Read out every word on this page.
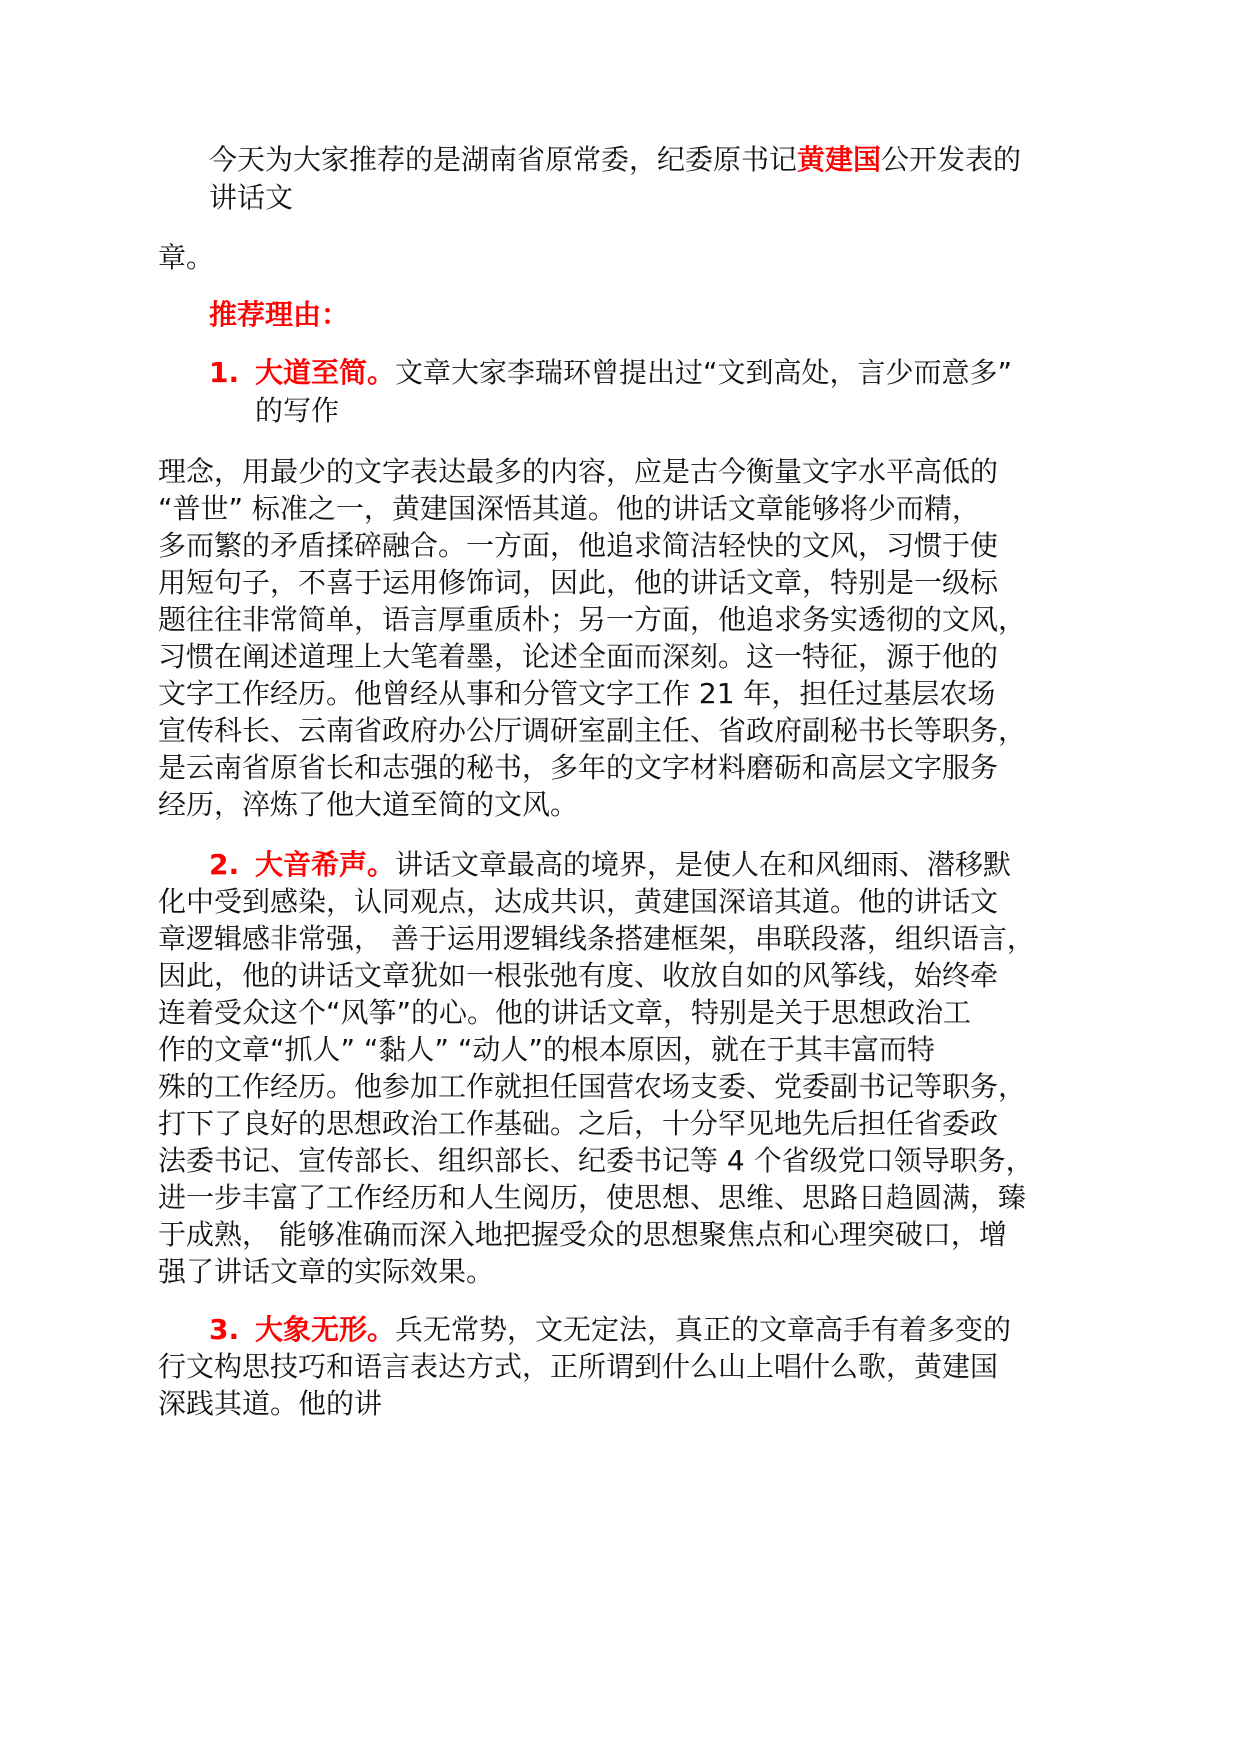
今天为大家推荐的是湖南省原常委，纪委原书记黄建国公开发表的
讲话文
章。
推荐理由：
1. 大道至简。文章大家李瑞环曾提出过“文到高处，言少而意多”
的写作
理念，用最少的文字表达最多的内容，应是古今衡量文字水平高低的
“普世” 标准之一，黄建国深悟其道。他的讲话文章能够将少而精，
多而繁的矛盾揉碎融合。一方面，他追求简洁轻快的文风，习惯于使
用短句子，不喜于运用修饰词，因此，他的讲话文章，特别是一级标
题往往非常简单，语言厚重质朴；另一方面，他追求务实透彻的文风，
习惯在阐述道理上大笔着墨，论述全面而深刻。这一特征，源于他的
文字工作经历。他曾经从事和分管文字工作 21 年，担任过基层农场
宣传科长、云南省政府办公厅调研室副主任、省政府副秘书长等职务，
是云南省原省长和志强的秘书，多年的文字材料磨砺和高层文字服务
经历，淬炼了他大道至简的文风。
2. 大音希声。讲话文章最高的境界，是使人在和风细雨、潜移默
化中受到感染，认同观点，达成共识，黄建国深谙其道。他的讲话文
章逻辑感非常强， 善于运用逻辑线条搭建框架，串联段落，组织语言，
因此，他的讲话文章犹如一根张弛有度、收放自如的风筝线，始终牵
连着受众这个“风筝”的心。他的讲话文章，特别是关于思想政治工
作的文章“抓人” “黏人” “动人”的根本原因，就在于其丰富而特
殊的工作经历。他参加工作就担任国营农场支委、党委副书记等职务，
打下了良好的思想政治工作基础。之后，十分罕见地先后担任省委政
法委书记、宣传部长、组织部长、纪委书记等 4 个省级党口领导职务，
进一步丰富了工作经历和人生阅历，使思想、思维、思路日趋圆满，臻
于成熟， 能够准确而深入地把握受众的思想聚焦点和心理突破口，增
强了讲话文章的实际效果。
3. 大象无形。兵无常势，文无定法，真正的文章高手有着多变的
行文构思技巧和语言表达方式，正所谓到什么山上唱什么歌，黄建国
深践其道。他的讲
